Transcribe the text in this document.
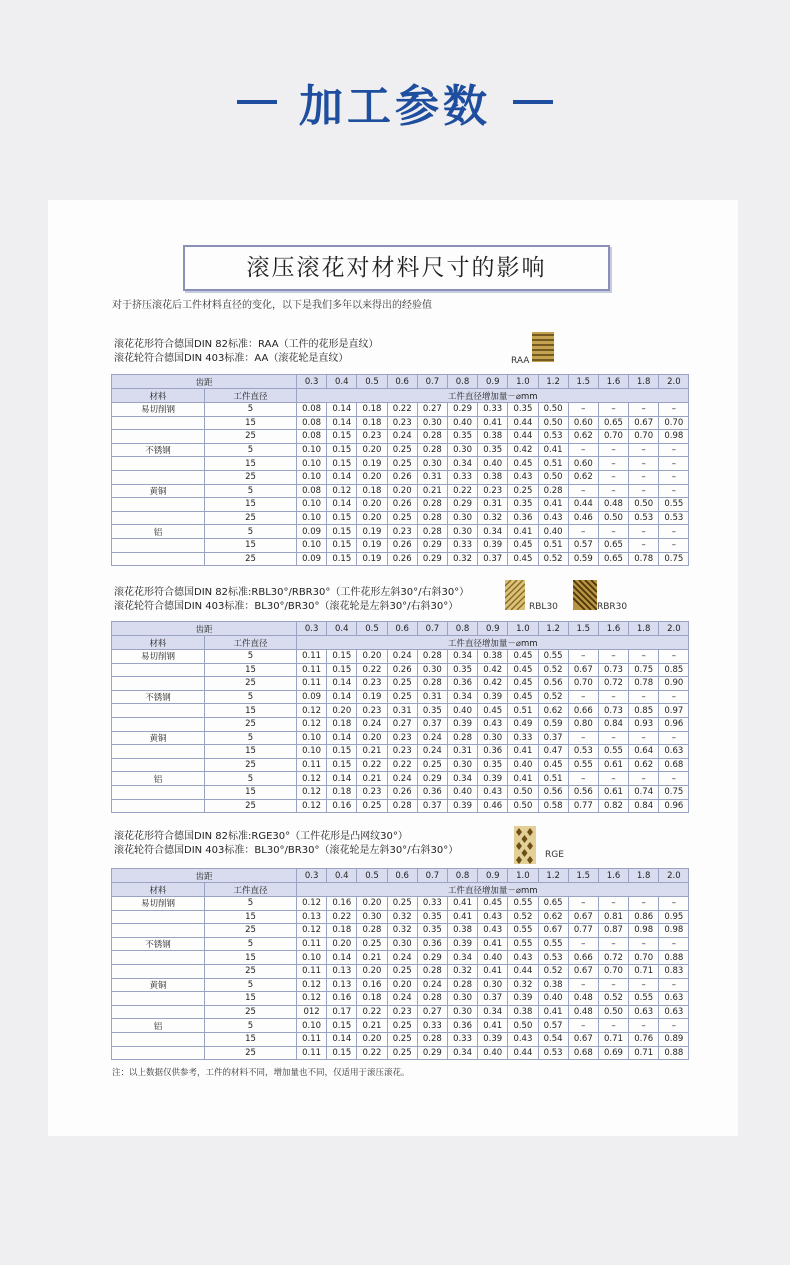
加工参数
滚压滚花对材料尺寸的影响
对于挤压滚花后工件材料直径的变化，以下是我们多年以来得出的经验值
滚花花形符合德国DIN 82标准：RAA（工件的花形是直纹）
滚花轮符合德国DIN 403标准：AA（滚花轮是直纹）	RAA
齿距		0.3	0.4	0.5	0.6	0.7	0.8	0.9	1.0	1.2	1.5	1.6	1.8	2.0
材料	工件直径	工件直径增加量－⌀mm												
易切削钢	5	0.08	0.14	0.18	0.22	0.27	0.29	0.33	0.35	0.50	–	–	–	–
	15	0.08	0.14	0.18	0.23	0.30	0.40	0.41	0.44	0.50	0.60	0.65	0.67	0.70
	25	0.08	0.15	0.23	0.24	0.28	0.35	0.38	0.44	0.53	0.62	0.70	0.70	0.98
不锈钢	5	0.10	0.15	0.20	0.25	0.28	0.30	0.35	0.42	0.41	–	–	–	–
	15	0.10	0.15	0.19	0.25	0.30	0.34	0.40	0.45	0.51	0.60	–	–	–
	25	0.10	0.14	0.20	0.26	0.31	0.33	0.38	0.43	0.50	0.62	–	–	–
黄铜	5	0.08	0.12	0.18	0.20	0.21	0.22	0.23	0.25	0.28	–	–	–	–
	15	0.10	0.14	0.20	0.26	0.28	0.29	0.31	0.35	0.41	0.44	0.48	0.50	0.55
	25	0.10	0.15	0.20	0.25	0.28	0.30	0.32	0.36	0.43	0.46	0.50	0.53	0.53
铝	5	0.09	0.15	0.19	0.23	0.28	0.30	0.34	0.41	0.40	–	–	–	–
	15	0.10	0.15	0.19	0.26	0.29	0.33	0.39	0.45	0.51	0.57	0.65	–	–
	25	0.09	0.15	0.19	0.26	0.29	0.32	0.37	0.45	0.52	0.59	0.65	0.78	0.75
滚花花形符合德国DIN 82标准:RBL30°/RBR30°（工件花形左斜30°/右斜30°）
滚花轮符合德国DIN 403标准：BL30°/BR30°（滚花轮是左斜30°/右斜30°）	RBL30	RBR30
齿距		0.3	0.4	0.5	0.6	0.7	0.8	0.9	1.0	1.2	1.5	1.6	1.8	2.0
材料	工件直径	工件直径增加量－⌀mm												
易切削钢	5	0.11	0.15	0.20	0.24	0.28	0.34	0.38	0.45	0.55	–	–	–	–
	15	0.11	0.15	0.22	0.26	0.30	0.35	0.42	0.45	0.52	0.67	0.73	0.75	0.85
	25	0.11	0.14	0.23	0.25	0.28	0.36	0.42	0.45	0.56	0.70	0.72	0.78	0.90
不锈钢	5	0.09	0.14	0.19	0.25	0.31	0.34	0.39	0.45	0.52	–	–	–	–
	15	0.12	0.20	0.23	0.31	0.35	0.40	0.45	0.51	0.62	0.66	0.73	0.85	0.97
	25	0.12	0.18	0.24	0.27	0.37	0.39	0.43	0.49	0.59	0.80	0.84	0.93	0.96
黄铜	5	0.10	0.14	0.20	0.23	0.24	0.28	0.30	0.33	0.37	–	–	–	–
	15	0.10	0.15	0.21	0.23	0.24	0.31	0.36	0.41	0.47	0.53	0.55	0.64	0.63
	25	0.11	0.15	0.22	0.22	0.25	0.30	0.35	0.40	0.45	0.55	0.61	0.62	0.68
铝	5	0.12	0.14	0.21	0.24	0.29	0.34	0.39	0.41	0.51	–	–	–	–
	15	0.12	0.18	0.23	0.26	0.36	0.40	0.43	0.50	0.56	0.56	0.61	0.74	0.75
	25	0.12	0.16	0.25	0.28	0.37	0.39	0.46	0.50	0.58	0.77	0.82	0.84	0.96
滚花花形符合德国DIN 82标准:RGE30°（工件花形是凸网纹30°）
滚花轮符合德国DIN 403标准：BL30°/BR30°（滚花轮是左斜30°/右斜30°）	RGE
齿距		0.3	0.4	0.5	0.6	0.7	0.8	0.9	1.0	1.2	1.5	1.6	1.8	2.0
材料	工件直径	工件直径增加量－⌀mm												
易切削钢	5	0.12	0.16	0.20	0.25	0.33	0.41	0.45	0.55	0.65	–	–	–	–
	15	0.13	0.22	0.30	0.32	0.35	0.41	0.43	0.52	0.62	0.67	0.81	0.86	0.95
	25	0.12	0.18	0.28	0.32	0.35	0.38	0.43	0.55	0.67	0.77	0.87	0.98	0.98
不锈钢	5	0.11	0.20	0.25	0.30	0.36	0.39	0.41	0.55	0.55	–	–	–	–
	15	0.10	0.14	0.21	0.24	0.29	0.34	0.40	0.43	0.53	0.66	0.72	0.70	0.88
	25	0.11	0.13	0.20	0.25	0.28	0.32	0.41	0.44	0.52	0.67	0.70	0.71	0.83
黄铜	5	0.12	0.13	0.16	0.20	0.24	0.28	0.30	0.32	0.38	–	–	–	–
	15	0.12	0.16	0.18	0.24	0.28	0.30	0.37	0.39	0.40	0.48	0.52	0.55	0.63
	25	012	0.17	0.22	0.23	0.27	0.30	0.34	0.38	0.41	0.48	0.50	0.63	0.63
铝	5	0.10	0.15	0.21	0.25	0.33	0.36	0.41	0.50	0.57	–	–	–	–
	15	0.11	0.14	0.20	0.25	0.28	0.33	0.39	0.43	0.54	0.67	0.71	0.76	0.89
	25	0.11	0.15	0.22	0.25	0.29	0.34	0.40	0.44	0.53	0.68	0.69	0.71	0.88
注：以上数据仅供参考，工件的材料不同，增加量也不同，仅适用于滚压滚花。
